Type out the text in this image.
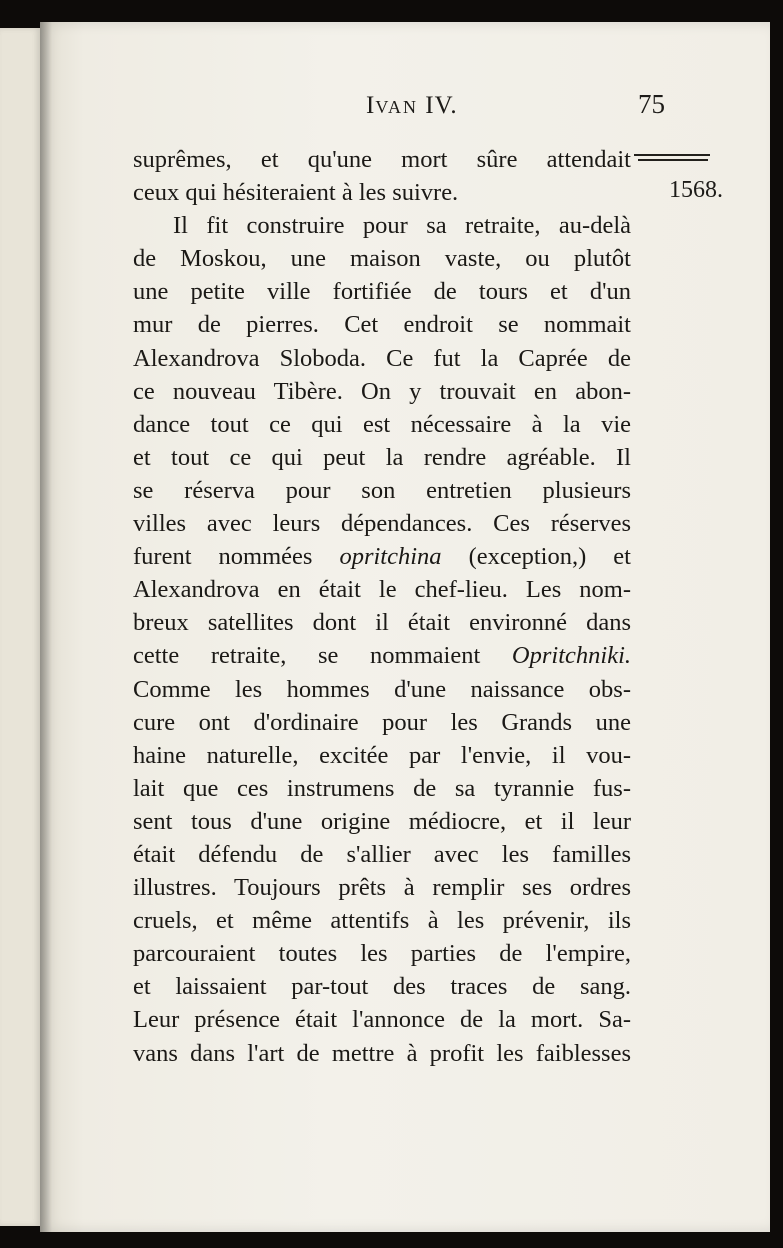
IVAN IV.	75
1568.
suprêmes, et qu'une mort sûre attendait
ceux qui hésiteraient à les suivre.
Il fit construire pour sa retraite, au-delà
de Moskou, une maison vaste, ou plutôt
une petite ville fortifiée de tours et d'un
mur de pierres. Cet endroit se nommait
Alexandrova Sloboda. Ce fut la Caprée de
ce nouveau Tibère. On y trouvait en abon-
dance tout ce qui est nécessaire à la vie
et tout ce qui peut la rendre agréable. Il
se réserva pour son entretien plusieurs
villes avec leurs dépendances. Ces réserves
furent nommées opritchina (exception,) et
Alexandrova en était le chef-lieu. Les nom-
breux satellites dont il était environné dans
cette retraite, se nommaient Opritchniki.
Comme les hommes d'une naissance obs-
cure ont d'ordinaire pour les Grands une
haine naturelle, excitée par l'envie, il vou-
lait que ces instrumens de sa tyrannie fus-
sent tous d'une origine médiocre, et il leur
était défendu de s'allier avec les familles
illustres. Toujours prêts à remplir ses ordres
cruels, et même attentifs à les prévenir, ils
parcouraient toutes les parties de l'empire,
et laissaient par-tout des traces de sang.
Leur présence était l'annonce de la mort. Sa-
vans dans l'art de mettre à profit les faiblesses
